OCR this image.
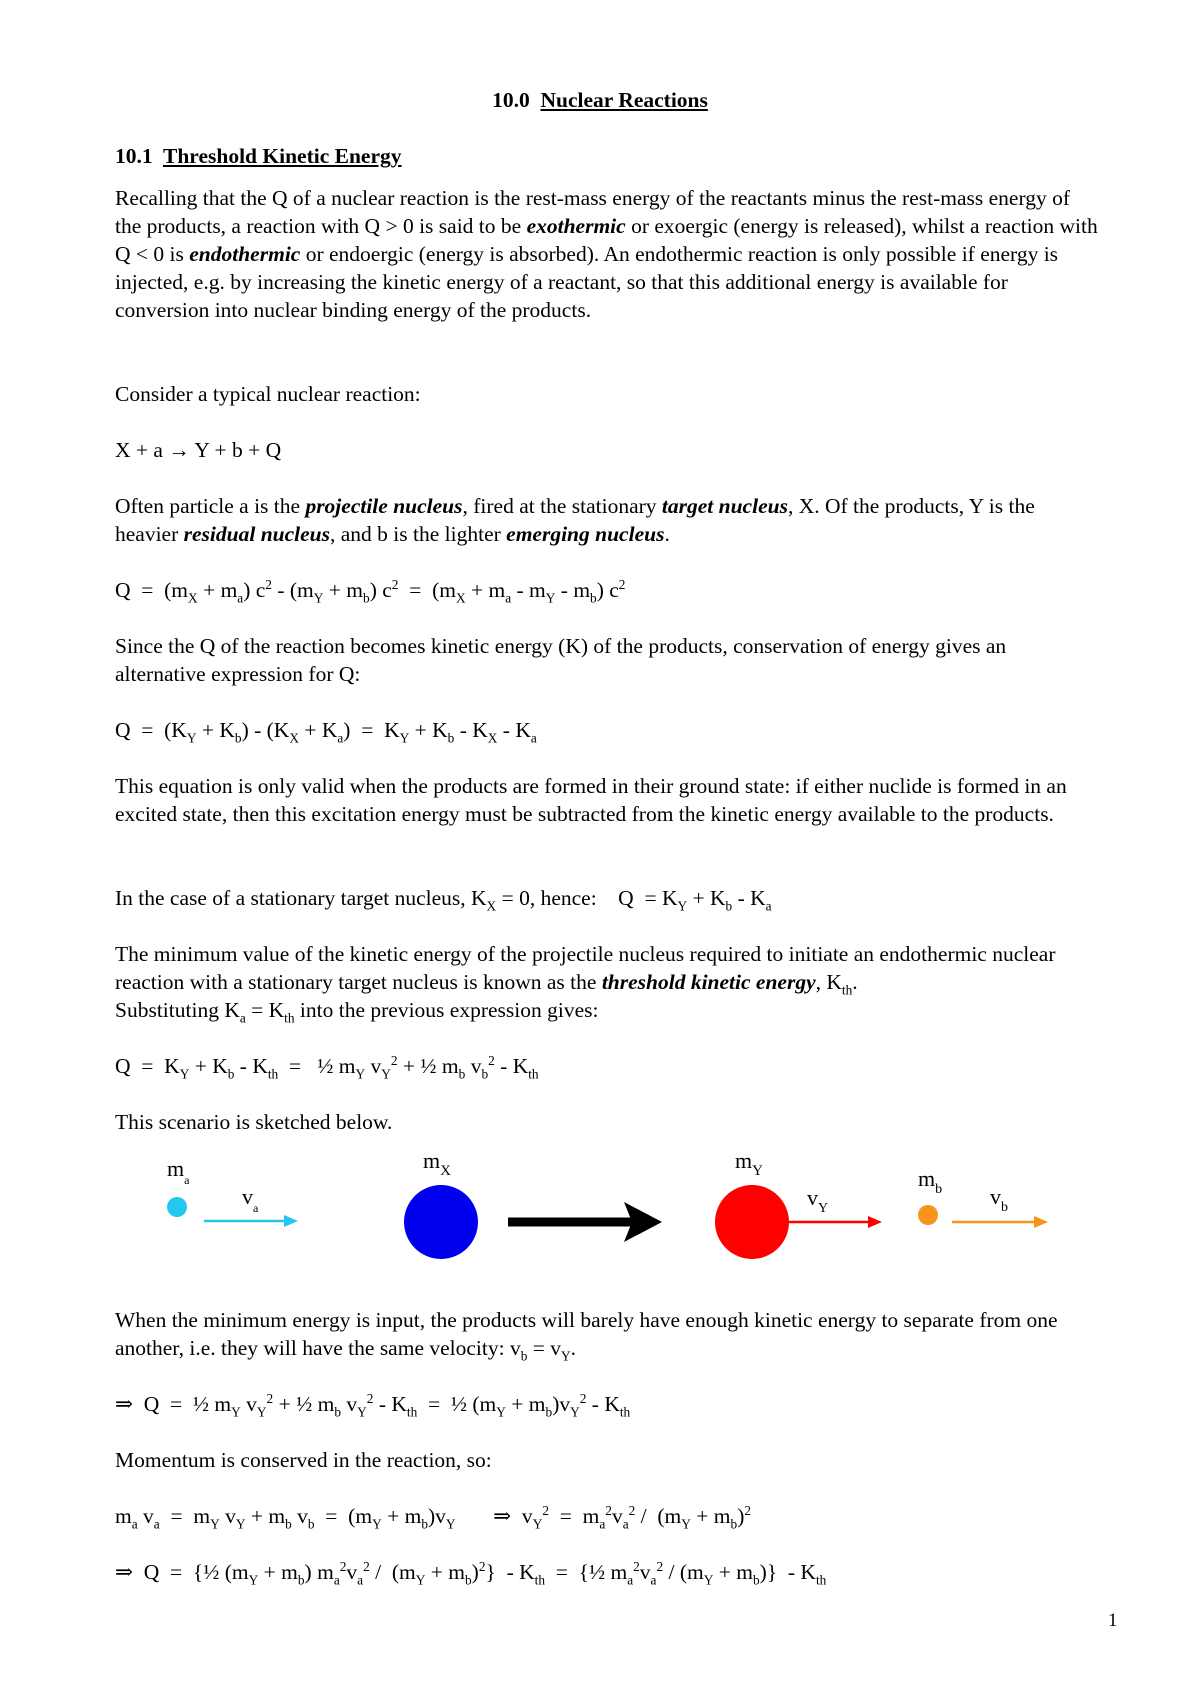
10.0 Nuclear Reactions
10.1 Threshold Kinetic Energy

Recalling that the Q of a nuclear reaction is the rest-mass energy of the reactants minus the rest-mass energy of the products, a reaction with Q > 0 is said to be exothermic or exoergic (energy is released), whilst a reaction with Q < 0 is endothermic or endoergic (energy is absorbed). An endothermic reaction is only possible if energy is injected, e.g. by increasing the kinetic energy of a reactant, so that this additional energy is available for conversion into nuclear binding energy of the products.

Consider a typical nuclear reaction:

X + a → Y + b + Q

Often particle a is the projectile nucleus, fired at the stationary target nucleus, X. Of the products, Y is the heavier residual nucleus, and b is the lighter emerging nucleus.

$Q = (m_X + m_a)$ $c^2 - (m_Y + m_b) c^2 = (m_X + m_a - m_Y - m_b)$ $c^2$

Since the Q of the reaction becomes kinetic energy (K) of the products, conservation of energy gives an alternative expression for Q:

$Q = (K_Y + K_b) - (K_X + K_a) = K_Y + K_b - K_X - K_a$

This equation is only valid when the products are formed in their ground state: if either nuclide is formed in an excited state, then this excitation energy must be subtracted from the kinetic energy available to the products.

In the case of a stationary target nucleus, $K_X = 0$, hence:    $Q = K_Y + K_b - K_a$

The minimum value of the kinetic energy of the projectile nucleus required to initiate an endothermic nuclear reaction with a stationary target nucleus is known as the threshold kinetic energy, $K_{th}$.
Substituting $K_a = K_{th}$ into the previous expression gives:

$Q = K_Y + K_b - K_{th}$  =   ½ $m_Y$ $v_Y^2$ + ½ $m_b$ $v_b^2 - K_{th}$

This scenario is sketched below.

$m_a$
$v_a$
$m_X$	$m_Y$
$v_Y$
$m_b$ $v_b$

When the minimum energy is input, the products will barely have enough kinetic energy to separate from one another, i.e. they will have the same velocity: $v_b = v_Y$.

⇒  Q  =  ½ $m_Y$ $v_Y^2$ + ½ $m_b$ $v_Y^2 - K_{th}$  =  ½ $(m_Y + m_b)v_Y^2 - K_{th}$

Momentum is conserved in the reaction, so:

$m_a$ $v_a = m_Y$ $v_Y + m_b$ $v_b = (m_Y + m_b)v_Y$       ⇒  $v_Y^2 = m_a^2v_a^2 / (m_Y + m_b)^2$

⇒  Q  =  {½ $(m_Y + m_b)$ $m_a^2v_a^2 / (m_Y + m_b)^2\} - K_{th}$  =  {½ $m_a^2v_a^2 / (m_Y + m_b)\} - K_{th}$

1
